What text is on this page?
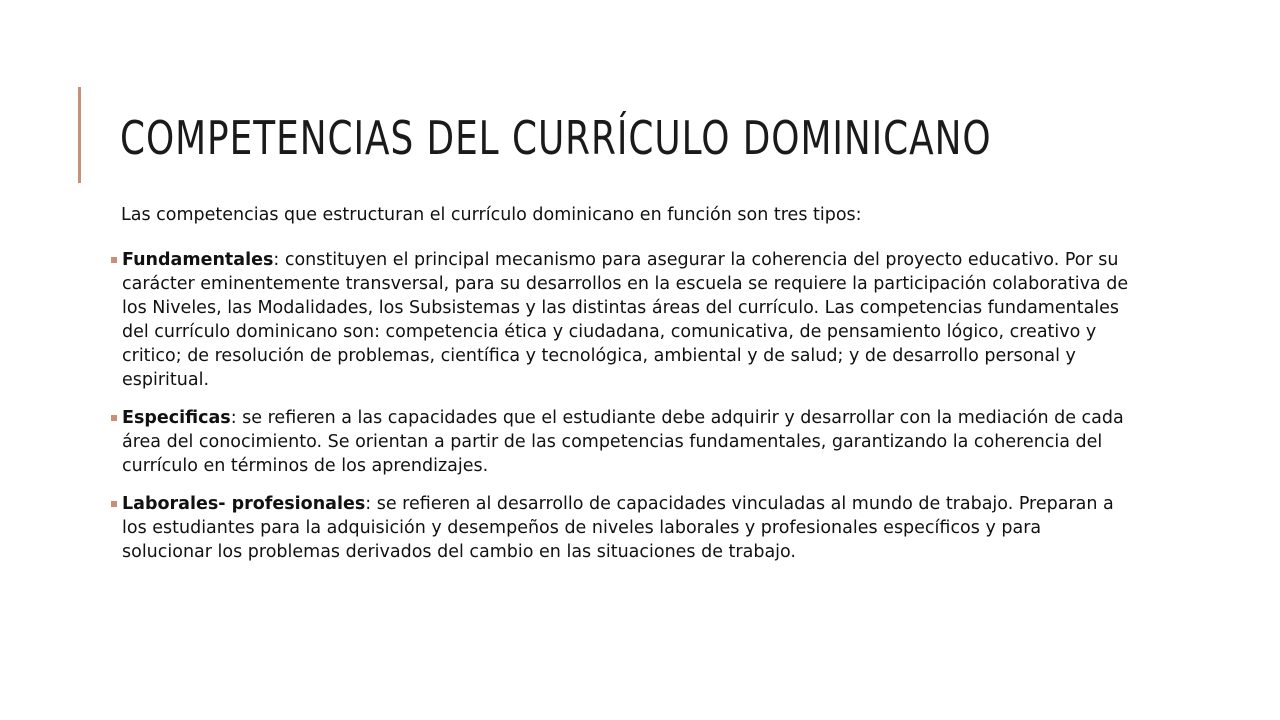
COMPETENCIAS DEL CURRÍCULO DOMINICANO

Las competencias que estructuran el currículo dominicano en función son tres tipos:

Fundamentales: constituyen el principal mecanismo para asegurar la coherencia del proyecto educativo. Por su carácter eminentemente transversal, para su desarrollos en la escuela se requiere la participación colaborativa de los Niveles, las Modalidades, los Subsistemas y las distintas áreas del currículo. Las competencias fundamentales del currículo dominicano son: competencia ética y ciudadana, comunicativa, de pensamiento lógico, creativo y critico; de resolución de problemas, científica y tecnológica, ambiental y de salud; y de desarrollo personal y espiritual.
Especificas: se refieren a las capacidades que el estudiante debe adquirir y desarrollar con la mediación de cada área del conocimiento. Se orientan a partir de las competencias fundamentales, garantizando la coherencia del currículo en términos de los aprendizajes.
Laborales- profesionales: se refieren al desarrollo de capacidades vinculadas al mundo de trabajo. Preparan a los estudiantes para la adquisición y desempeños de niveles laborales y profesionales específicos y para solucionar los problemas derivados del cambio en las situaciones de trabajo.
